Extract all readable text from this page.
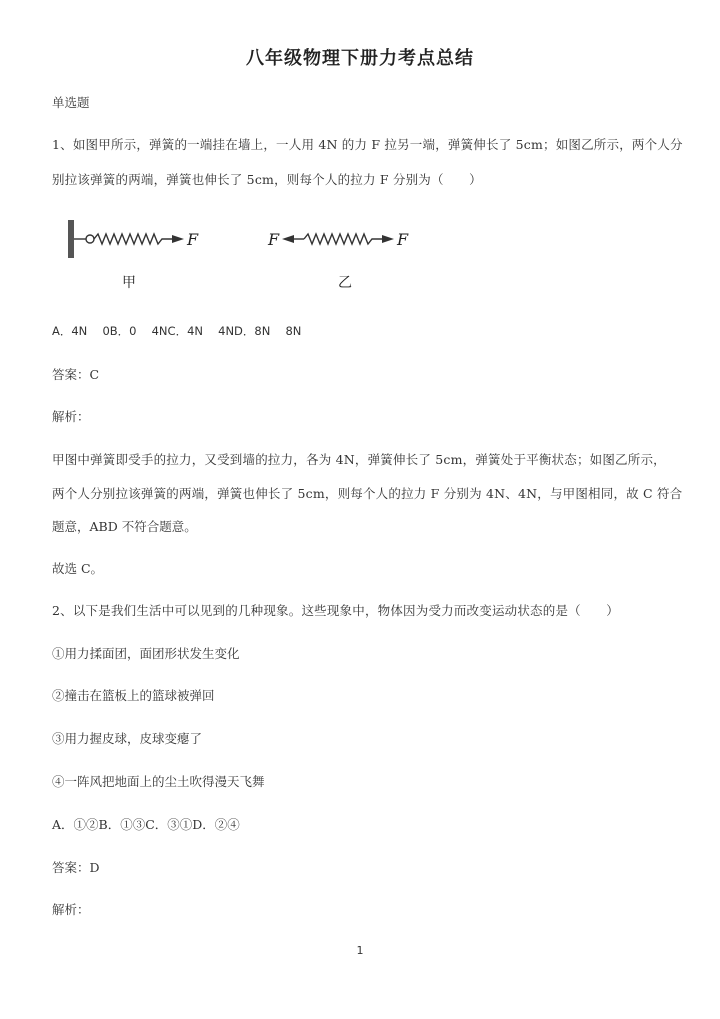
八年级物理下册力考点总结
单选题
1、如图甲所示，弹簧的一端挂在墙上，一人用 4N 的力 F 拉另一端，弹簧伸长了 5cm；如图乙所示，两个人分
别拉该弹簧的两端，弹簧也伸长了 5cm，则每个人的拉力 F 分别为（　　）
F	F	F
甲	乙
A．4N　 0B．0　 4NC．4N　 4ND．8N　 8N
答案：C
解析：
甲图中弹簧即受手的拉力，又受到墙的拉力，各为 4N，弹簧伸长了 5cm，弹簧处于平衡状态；如图乙所示，
两个人分别拉该弹簧的两端，弹簧也伸长了 5cm，则每个人的拉力 F 分别为 4N、4N，与甲图相同，故 C 符合
题意，ABD 不符合题意。
故选 C。
2、以下是我们生活中可以见到的几种现象。这些现象中，物体因为受力而改变运动状态的是（　　）
①用力揉面团，面团形状发生变化
②撞击在篮板上的篮球被弹回
③用力握皮球，皮球变瘪了
④一阵风把地面上的尘土吹得漫天飞舞
A．①②B．①③C．③①D．②④
答案：D
解析：
1
